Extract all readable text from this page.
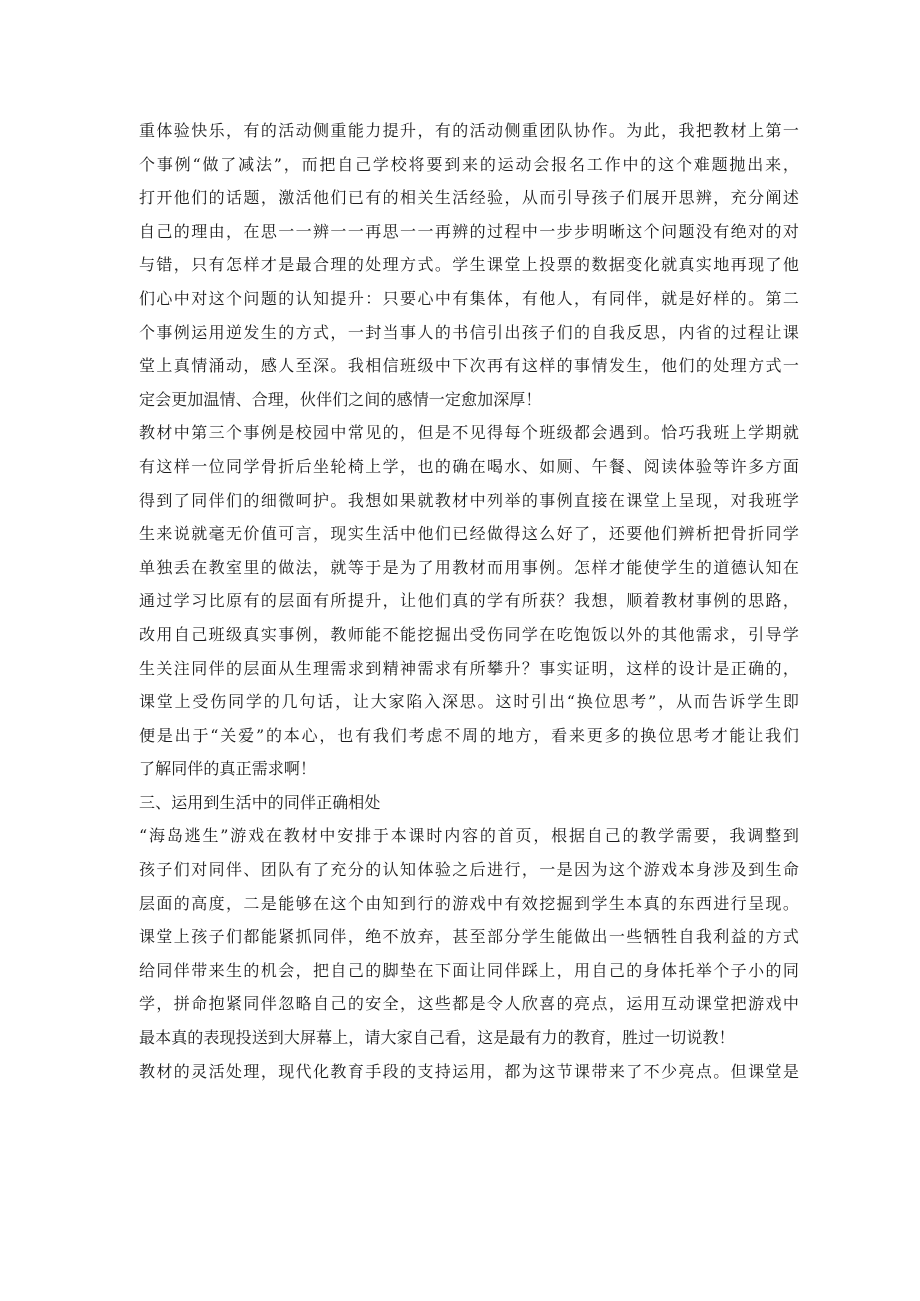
重体验快乐，有的活动侧重能力提升，有的活动侧重团队协作。为此，我把教材上第一
个事例“做了减法”，而把自己学校将要到来的运动会报名工作中的这个难题抛出来，
打开他们的话题，激活他们已有的相关生活经验，从而引导孩子们展开思辨，充分阐述
自己的理由，在思一一辨一一再思一一再辨的过程中一步步明晰这个问题没有绝对的对
与错，只有怎样才是最合理的处理方式。学生课堂上投票的数据变化就真实地再现了他
们心中对这个问题的认知提升：只要心中有集体，有他人，有同伴，就是好样的。第二
个事例运用逆发生的方式，一封当事人的书信引出孩子们的自我反思，内省的过程让课
堂上真情涌动，感人至深。我相信班级中下次再有这样的事情发生，他们的处理方式一
定会更加温情、合理，伙伴们之间的感情一定愈加深厚！
教材中第三个事例是校园中常见的，但是不见得每个班级都会遇到。恰巧我班上学期就
有这样一位同学骨折后坐轮椅上学，也的确在喝水、如厕、午餐、阅读体验等许多方面
得到了同伴们的细微呵护。我想如果就教材中列举的事例直接在课堂上呈现，对我班学
生来说就毫无价值可言，现实生活中他们已经做得这么好了，还要他们辨析把骨折同学
单独丢在教室里的做法，就等于是为了用教材而用事例。怎样才能使学生的道德认知在
通过学习比原有的层面有所提升，让他们真的学有所获？我想，顺着教材事例的思路，
改用自己班级真实事例，教师能不能挖掘出受伤同学在吃饱饭以外的其他需求，引导学
生关注同伴的层面从生理需求到精神需求有所攀升？事实证明，这样的设计是正确的，
课堂上受伤同学的几句话，让大家陷入深思。这时引出“换位思考”，从而告诉学生即
便是出于“关爱”的本心，也有我们考虑不周的地方，看来更多的换位思考才能让我们
了解同伴的真正需求啊！
三、运用到生活中的同伴正确相处
“海岛逃生”游戏在教材中安排于本课时内容的首页，根据自己的教学需要，我调整到
孩子们对同伴、团队有了充分的认知体验之后进行，一是因为这个游戏本身涉及到生命
层面的高度，二是能够在这个由知到行的游戏中有效挖掘到学生本真的东西进行呈现。
课堂上孩子们都能紧抓同伴，绝不放弃，甚至部分学生能做出一些牺牲自我利益的方式
给同伴带来生的机会，把自己的脚垫在下面让同伴踩上，用自己的身体托举个子小的同
学，拼命抱紧同伴忽略自己的安全，这些都是令人欣喜的亮点，运用互动课堂把游戏中
最本真的表现投送到大屏幕上，请大家自己看，这是最有力的教育，胜过一切说教！
教材的灵活处理，现代化教育手段的支持运用，都为这节课带来了不少亮点。但课堂是
